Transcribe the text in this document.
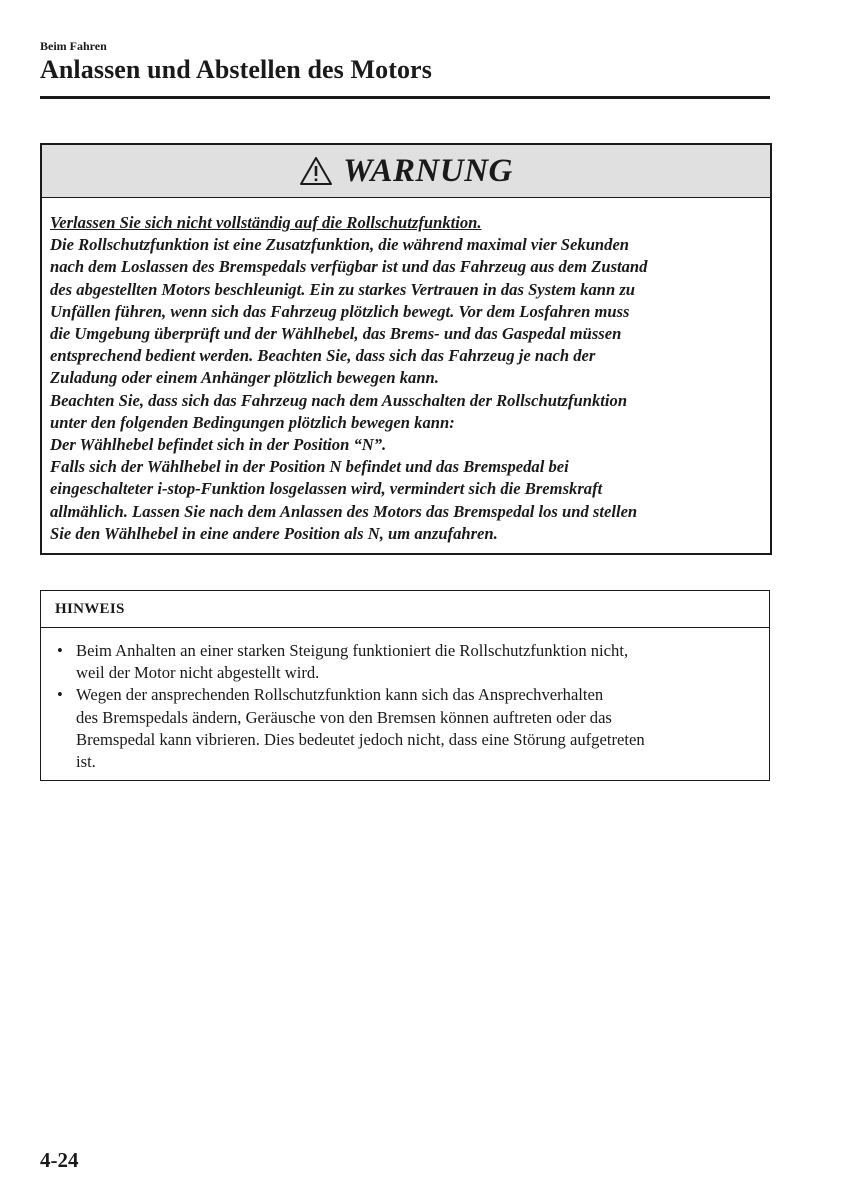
Beim Fahren
Anlassen und Abstellen des Motors
WARNUNG
Verlassen Sie sich nicht vollständig auf die Rollschutzfunktion.
Die Rollschutzfunktion ist eine Zusatzfunktion, die während maximal vier Sekunden
nach dem Loslassen des Bremspedals verfügbar ist und das Fahrzeug aus dem Zustand
des abgestellten Motors beschleunigt. Ein zu starkes Vertrauen in das System kann zu
Unfällen führen, wenn sich das Fahrzeug plötzlich bewegt. Vor dem Losfahren muss
die Umgebung überprüft und der Wählhebel, das Brems- und das Gaspedal müssen
entsprechend bedient werden. Beachten Sie, dass sich das Fahrzeug je nach der
Zuladung oder einem Anhänger plötzlich bewegen kann.
Beachten Sie, dass sich das Fahrzeug nach dem Ausschalten der Rollschutzfunktion
unter den folgenden Bedingungen plötzlich bewegen kann:
Der Wählhebel befindet sich in der Position “N”.
Falls sich der Wählhebel in der Position N befindet und das Bremspedal bei
eingeschalteter i-stop-Funktion losgelassen wird, vermindert sich die Bremskraft
allmählich. Lassen Sie nach dem Anlassen des Motors das Bremspedal los und stellen
Sie den Wählhebel in eine andere Position als N, um anzufahren.
HINWEIS
• Beim Anhalten an einer starken Steigung funktioniert die Rollschutzfunktion nicht,
weil der Motor nicht abgestellt wird.
• Wegen der ansprechenden Rollschutzfunktion kann sich das Ansprechverhalten
des Bremspedals ändern, Geräusche von den Bremsen können auftreten oder das
Bremspedal kann vibrieren. Dies bedeutet jedoch nicht, dass eine Störung aufgetreten
ist.
4-24
